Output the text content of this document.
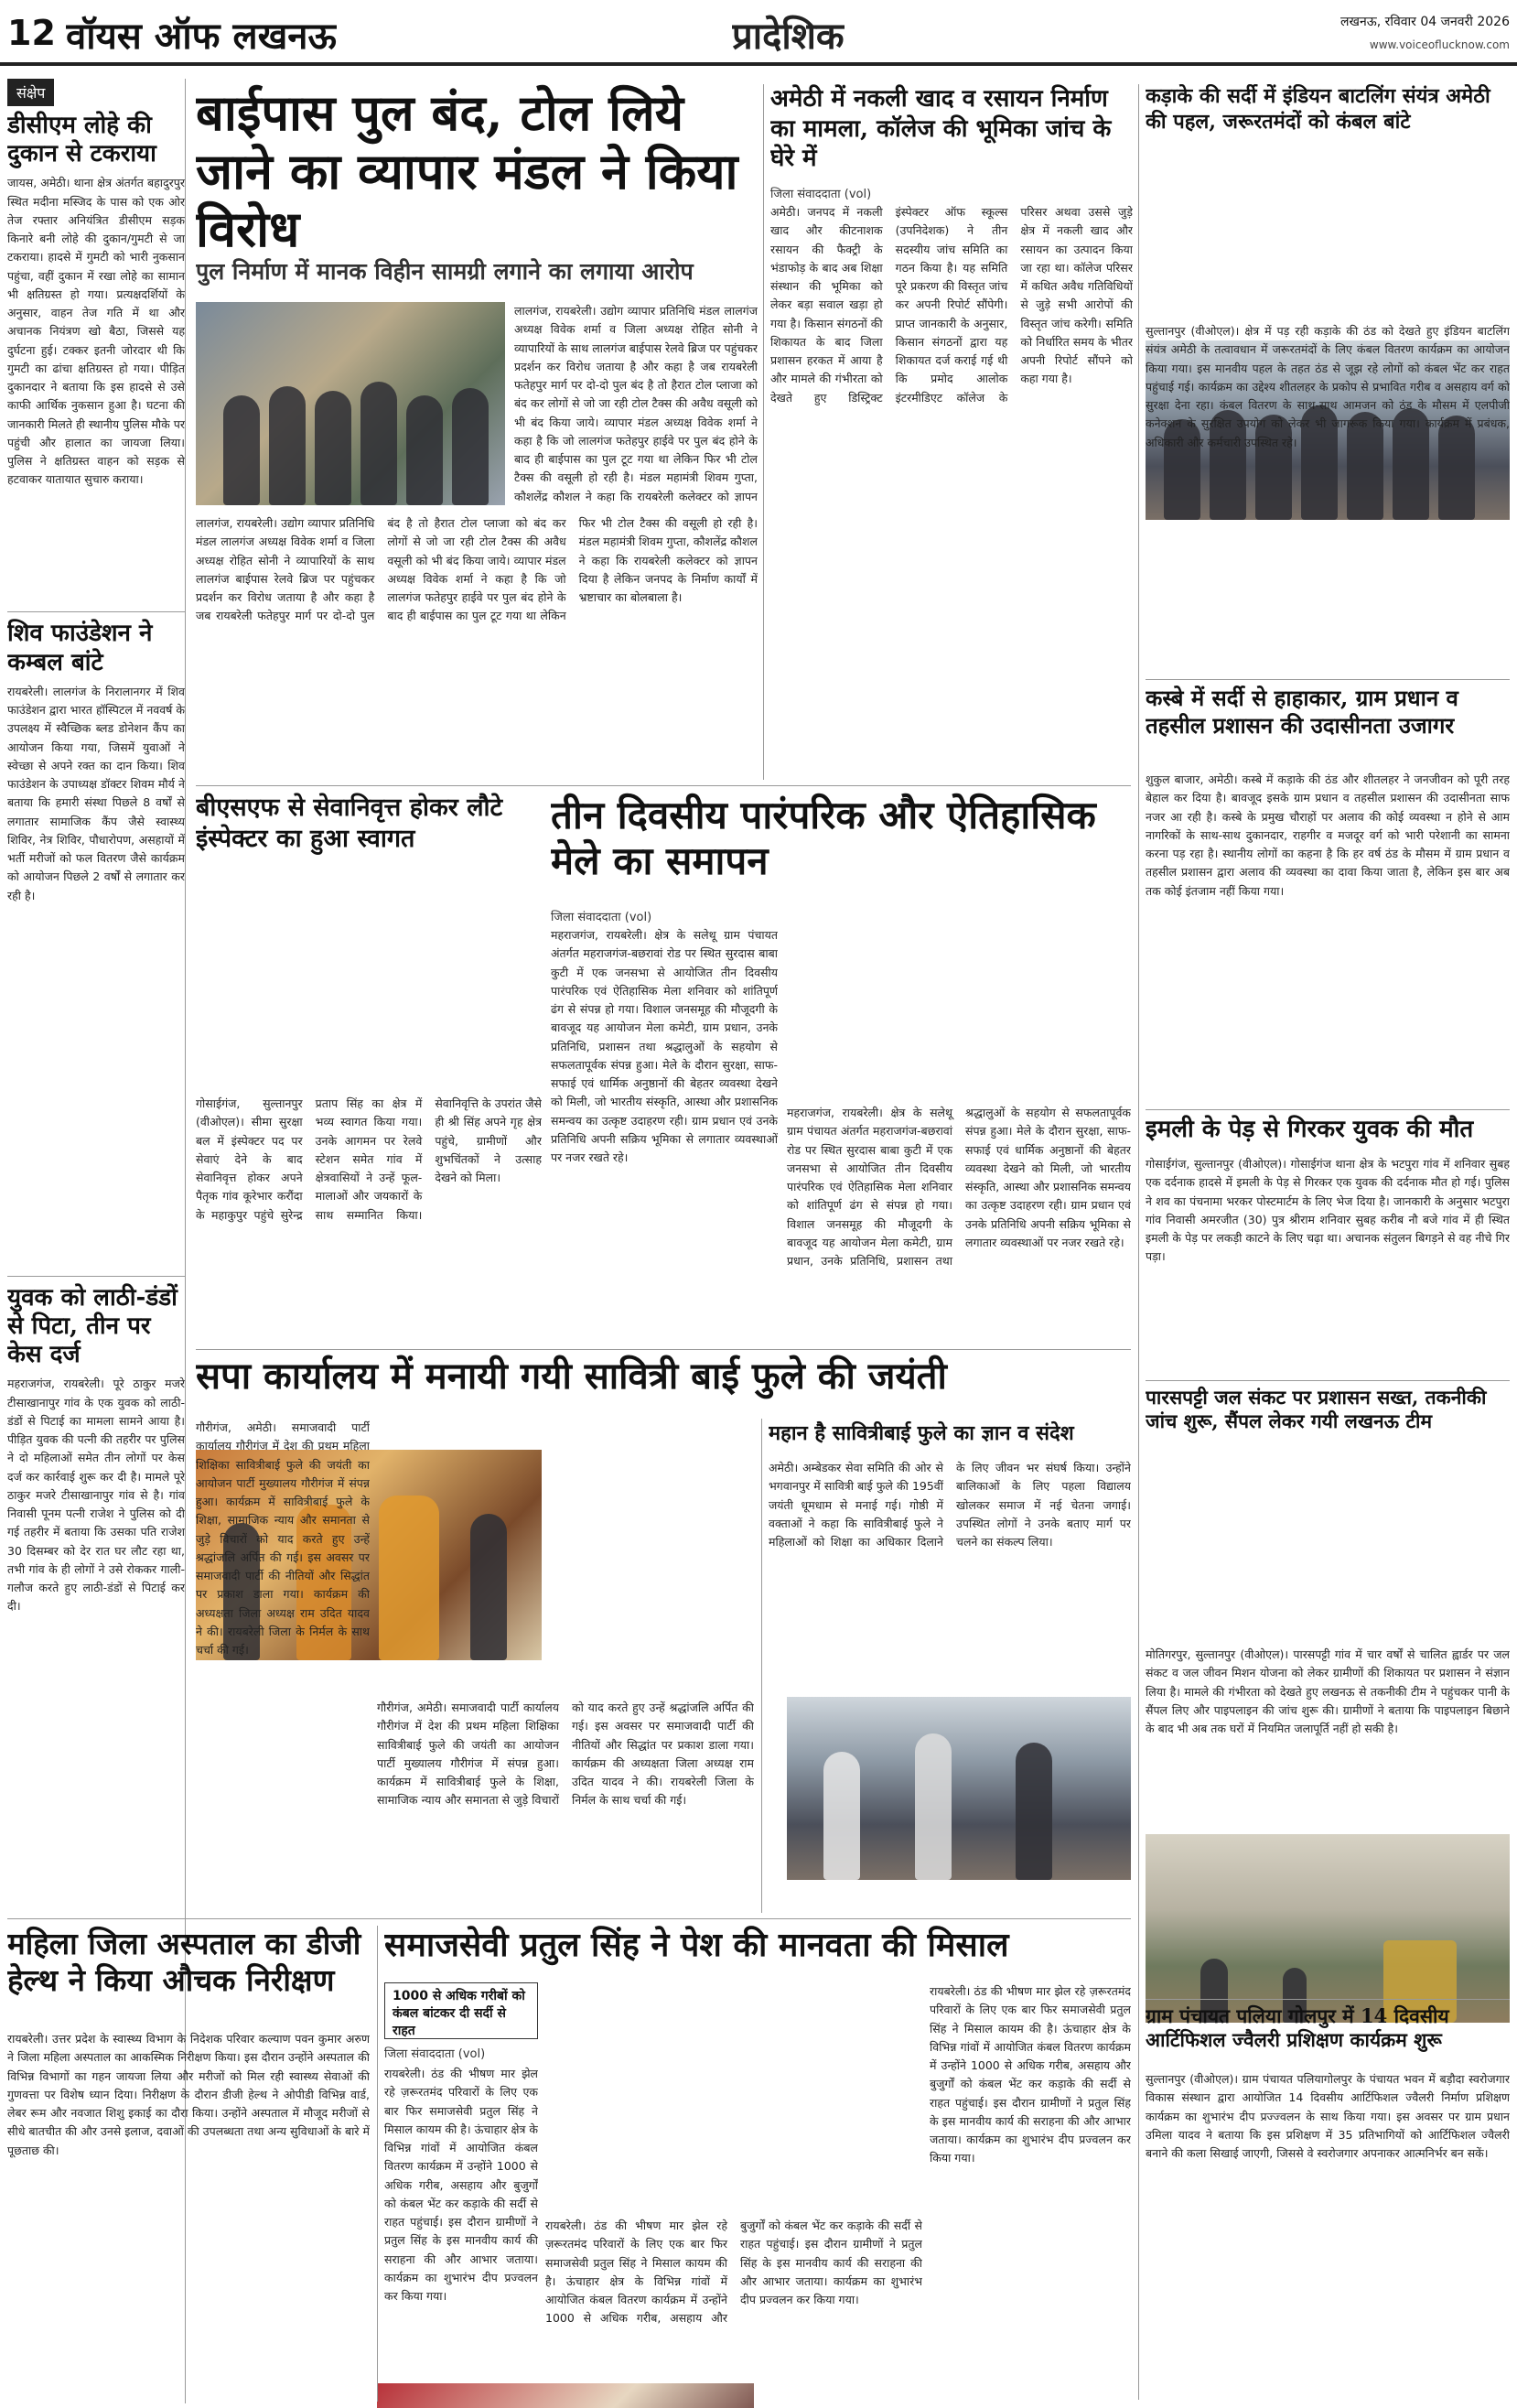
12 वॉयस ऑफ लखनऊ	प्रादेशिक	लखनऊ, रविवार 04 जनवरी 2026
www.voiceoflucknow.com
संक्षेप
डीसीएम लोहे की दुकान से टकराया
जायस, अमेठी। थाना क्षेत्र अंतर्गत बहादुरपुर स्थित मदीना मस्जिद के पास को एक ओर तेज रफ्तार अनियंत्रित डीसीएम सड़क किनारे बनी लोहे की दुकान/गुमटी से जा टकराया। हादसे में गुमटी को भारी नुकसान पहुंचा, वहीं दुकान में रखा लोहे का सामान भी क्षतिग्रस्त हो गया। प्रत्यक्षदर्शियों के अनुसार, वाहन तेज गति में था और अचानक नियंत्रण खो बैठा, जिससे यह दुर्घटना हुई। टक्कर इतनी जोरदार थी कि गुमटी का ढांचा क्षतिग्रस्त हो गया। पीड़ित दुकानदार ने बताया कि इस हादसे से उसे काफी आर्थिक नुकसान हुआ है। घटना की जानकारी मिलते ही स्थानीय पुलिस मौके पर पहुंची और हालात का जायजा लिया। पुलिस ने क्षतिग्रस्त वाहन को सड़क से हटवाकर यातायात सुचारु कराया।
शिव फाउंडेशन ने कम्बल बांटे
रायबरेली। लालगंज के निरालानगर में शिव फाउंडेशन द्वारा भारत हॉस्पिटल में नववर्ष के उपलक्ष्य में स्वैच्छिक ब्लड डोनेशन कैंप का आयोजन किया गया, जिसमें युवाओं ने स्वेच्छा से अपने रक्त का दान किया। शिव फाउंडेशन के उपाध्यक्ष डॉक्टर शिवम मौर्य ने बताया कि हमारी संस्था पिछले 8 वर्षों से लगातार सामाजिक कैंप जैसे स्वास्थ्य शिविर, नेत्र शिविर, पौधारोपण, असहायों में भर्ती मरीजों को फल वितरण जैसे कार्यक्रम को आयोजन पिछले 2 वर्षों से लगातार कर रही है।
युवक को लाठी-डंडों से पिटा, तीन पर केस दर्ज
महराजगंज, रायबरेली। पूरे ठाकुर मजरे टीसाखानापुर गांव के एक युवक को लाठी-डंडों से पिटाई का मामला सामने आया है। पीड़ित युवक की पत्नी की तहरीर पर पुलिस ने दो महिलाओं समेत तीन लोगों पर केस दर्ज कर कार्रवाई शुरू कर दी है। मामले पूरे ठाकुर मजरे टीसाखानापुर गांव से है। गांव निवासी पूनम पत्नी राजेश ने पुलिस को दी गई तहरीर में बताया कि उसका पति राजेश 30 दिसम्बर को देर रात घर लौट रहा था, तभी गांव के ही लोगों ने उसे रोककर गाली-गलौज करते हुए लाठी-डंडों से पिटाई कर दी।
बाईपास पुल बंद, टोल लिये जाने का व्यापार मंडल ने किया विरोध
पुल निर्माण में मानक विहीन सामग्री लगाने का लगाया आरोप
लालगंज, रायबरेली। उद्योग व्यापार प्रतिनिधि मंडल लालगंज अध्यक्ष विवेक शर्मा व जिला अध्यक्ष रोहित सोनी ने व्यापारियों के साथ लालगंज बाईपास रेलवे ब्रिज पर पहुंचकर प्रदर्शन कर विरोध जताया है और कहा है जब रायबरेली फतेहपुर मार्ग पर दो-दो पुल बंद है तो हैरात टोल प्लाजा को बंद कर लोगों से जो जा रही टोल टैक्स की अवैध वसूली को भी बंद किया जाये। व्यापार मंडल अध्यक्ष विवेक शर्मा ने कहा है कि जो लालगंज फतेहपुर हाईवे पर पुल बंद होने के बाद ही बाईपास का पुल टूट गया था लेकिन फिर भी टोल टैक्स की वसूली हो रही है। मंडल महामंत्री शिवम गुप्ता, कौशलेंद्र कौशल ने कहा कि रायबरेली कलेक्टर को ज्ञापन दिया है लेकिन जनपद के निर्माण कार्यों में भ्रष्टाचार का बोलबाला है।
लालगंज, रायबरेली। उद्योग व्यापार प्रतिनिधि मंडल लालगंज अध्यक्ष विवेक शर्मा व जिला अध्यक्ष रोहित सोनी ने व्यापारियों के साथ लालगंज बाईपास रेलवे ब्रिज पर पहुंचकर प्रदर्शन कर विरोध जताया है और कहा है जब रायबरेली फतेहपुर मार्ग पर दो-दो पुल बंद है तो हैरात टोल प्लाजा को बंद कर लोगों से जो जा रही टोल टैक्स की अवैध वसूली को भी बंद किया जाये। व्यापार मंडल अध्यक्ष विवेक शर्मा ने कहा है कि जो लालगंज फतेहपुर हाईवे पर पुल बंद होने के बाद ही बाईपास का पुल टूट गया था लेकिन फिर भी टोल टैक्स की वसूली हो रही है। मंडल महामंत्री शिवम गुप्ता, कौशलेंद्र कौशल ने कहा कि रायबरेली कलेक्टर को ज्ञापन
अमेठी में नकली खाद व रसायन निर्माण का मामला, कॉलेज की भूमिका जांच के घेरे में
जिला संवाददाता (vol)
अमेठी। जनपद में नकली खाद और कीटनाशक रसायन की फैक्ट्री के भंडाफोड़ के बाद अब शिक्षा संस्थान की भूमिका को लेकर बड़ा सवाल खड़ा हो गया है। किसान संगठनों की शिकायत के बाद जिला प्रशासन हरकत में आया है और मामले की गंभीरता को देखते हुए डिस्ट्रिक्ट इंस्पेक्टर ऑफ स्कूल्स (उपनिदेशक) ने तीन सदस्यीय जांच समिति का गठन किया है। यह समिति पूरे प्रकरण की विस्तृत जांच कर अपनी रिपोर्ट सौंपेगी। प्राप्त जानकारी के अनुसार, किसान संगठनों द्वारा यह शिकायत दर्ज कराई गई थी कि प्रमोद आलोक इंटरमीडिएट कॉलेज के परिसर अथवा उससे जुड़े क्षेत्र में नकली खाद और रसायन का उत्पादन किया जा रहा था। कॉलेज परिसर में कथित अवैध गतिविधियों से जुड़े सभी आरोपों की विस्तृत जांच करेगी। समिति को निर्धारित समय के भीतर अपनी रिपोर्ट सौंपने को कहा गया है।
कड़ाके की सर्दी में इंडियन बाटलिंग संयंत्र अमेठी की पहल, जरूरतमंदों को कंबल बांटे
सुल्तानपुर (वीओएल)। क्षेत्र में पड़ रही कड़ाके की ठंड को देखते हुए इंडियन बाटलिंग संयंत्र अमेठी के तत्वावधान में जरूरतमंदों के लिए कंबल वितरण कार्यक्रम का आयोजन किया गया। इस मानवीय पहल के तहत ठंड से जूझ रहे लोगों को कंबल भेंट कर राहत पहुंचाई गई। कार्यक्रम का उद्देश्य शीतलहर के प्रकोप से प्रभावित गरीब व असहाय वर्ग को सुरक्षा देना रहा। कंबल वितरण के साथ-साथ आमजन को ठंड के मौसम में एलपीजी कनेक्शन के सुरक्षित उपयोग को लेकर भी जागरूक किया गया। कार्यक्रम में प्रबंधक, अधिकारी और कर्मचारी उपस्थित रहे।
कस्बे में सर्दी से हाहाकार, ग्राम प्रधान व तहसील प्रशासन की उदासीनता उजागर
शुकुल बाजार, अमेठी। कस्बे में कड़ाके की ठंड और शीतलहर ने जनजीवन को पूरी तरह बेहाल कर दिया है। बावजूद इसके ग्राम प्रधान व तहसील प्रशासन की उदासीनता साफ नजर आ रही है। कस्बे के प्रमुख चौराहों पर अलाव की कोई व्यवस्था न होने से आम नागरिकों के साथ-साथ दुकानदार, राहगीर व मजदूर वर्ग को भारी परेशानी का सामना करना पड़ रहा है। स्थानीय लोगों का कहना है कि हर वर्ष ठंड के मौसम में ग्राम प्रधान व तहसील प्रशासन द्वारा अलाव की व्यवस्था का दावा किया जाता है, लेकिन इस बार अब तक कोई इंतजाम नहीं किया गया।
इमली के पेड़ से गिरकर युवक की मौत
गोसाईगंज, सुल्तानपुर (वीओएल)। गोसाईगंज थाना क्षेत्र के भटपुरा गांव में शनिवार सुबह एक दर्दनाक हादसे में इमली के पेड़ से गिरकर एक युवक की दर्दनाक मौत हो गई। पुलिस ने शव का पंचनामा भरकर पोस्टमार्टम के लिए भेज दिया है। जानकारी के अनुसार भटपुरा गांव निवासी अमरजीत (30) पुत्र श्रीराम शनिवार सुबह करीब नौ बजे गांव में ही स्थित इमली के पेड़ पर लकड़ी काटने के लिए चढ़ा था। अचानक संतुलन बिगड़ने से वह नीचे गिर पड़ा।
पारसपट्टी जल संकट पर प्रशासन सख्त, तकनीकी जांच शुरू, सैंपल लेकर गयी लखनऊ टीम
मोतिगरपुर, सुल्तानपुर (वीओएल)। पारसपट्टी गांव में चार वर्षों से चालित ह्वार्डर पर जल संकट व जल जीवन मिशन योजना को लेकर ग्रामीणों की शिकायत पर प्रशासन ने संज्ञान लिया है। मामले की गंभीरता को देखते हुए लखनऊ से तकनीकी टीम ने पहुंचकर पानी के सैंपल लिए और पाइपलाइन की जांच शुरू की। ग्रामीणों ने बताया कि पाइपलाइन बिछाने के बाद भी अब तक घरों में नियमित जलापूर्ति नहीं हो सकी है।
ग्राम पंचायत पलिया गोलपुर में 14 दिवसीय आर्टिफिशल ज्वैलरी प्रशिक्षण कार्यक्रम शुरू
सुल्तानपुर (वीओएल)। ग्राम पंचायत पलियागोलपुर के पंचायत भवन में बड़ौदा स्वरोजगार विकास संस्थान द्वारा आयोजित 14 दिवसीय आर्टिफिशल ज्वैलरी निर्माण प्रशिक्षण कार्यक्रम का शुभारंभ दीप प्रज्ज्वलन के साथ किया गया। इस अवसर पर ग्राम प्रधान उमिला यादव ने बताया कि इस प्रशिक्षण में 35 प्रतिभागियों को आर्टिफिशल ज्वैलरी बनाने की कला सिखाई जाएगी, जिससे वे स्वरोजगार अपनाकर आत्मनिर्भर बन सकें।
बीएसएफ से सेवानिवृत्त होकर लौटे इंस्पेक्टर का हुआ स्वागत
गोसाईगंज, सुल्तानपुर (वीओएल)। सीमा सुरक्षा बल में इंस्पेक्टर पद पर सेवाएं देने के बाद सेवानिवृत्त होकर अपने पैतृक गांव कूरेभार करौंदा के महाकुपुर पहुंचे सुरेन्द्र प्रताप सिंह का क्षेत्र में भव्य स्वागत किया गया। उनके आगमन पर रेलवे स्टेशन समेत गांव में क्षेत्रवासियों ने उन्हें फूल-मालाओं और जयकारों के साथ सम्मानित किया। सेवानिवृत्ति के उपरांत जैसे ही श्री सिंह अपने गृह क्षेत्र पहुंचे, ग्रामीणों और शुभचिंतकों ने उत्साह देखने को मिला।
तीन दिवसीय पारंपरिक और ऐतिहासिक मेले का समापन
जिला संवाददाता (vol)
महराजगंज, रायबरेली। क्षेत्र के सलेथू ग्राम पंचायत अंतर्गत महराजगंज-बछरावां रोड पर स्थित सुरदास बाबा कुटी में एक जनसभा से आयोजित तीन दिवसीय पारंपरिक एवं ऐतिहासिक मेला शनिवार को शांतिपूर्ण ढंग से संपन्न हो गया। विशाल जनसमूह की मौजूदगी के बावजूद यह आयोजन मेला कमेटी, ग्राम प्रधान, उनके प्रतिनिधि, प्रशासन तथा श्रद्धालुओं के सहयोग से सफलतापूर्वक संपन्न हुआ। मेले के दौरान सुरक्षा, साफ-सफाई एवं धार्मिक अनुष्ठानों की बेहतर व्यवस्था देखने को मिली, जो भारतीय संस्कृति, आस्था और प्रशासनिक समन्वय का उत्कृष्ट उदाहरण रही। ग्राम प्रधान एवं उनके प्रतिनिधि अपनी सक्रिय भूमिका से लगातार व्यवस्थाओं पर नजर रखते रहे।
महराजगंज, रायबरेली। क्षेत्र के सलेथू ग्राम पंचायत अंतर्गत महराजगंज-बछरावां रोड पर स्थित सुरदास बाबा कुटी में एक जनसभा से आयोजित तीन दिवसीय पारंपरिक एवं ऐतिहासिक मेला शनिवार को शांतिपूर्ण ढंग से संपन्न हो गया। विशाल जनसमूह की मौजूदगी के बावजूद यह आयोजन मेला कमेटी, ग्राम प्रधान, उनके प्रतिनिधि, प्रशासन तथा श्रद्धालुओं के सहयोग से सफलतापूर्वक संपन्न हुआ। मेले के दौरान सुरक्षा, साफ-सफाई एवं धार्मिक अनुष्ठानों की बेहतर व्यवस्था देखने को मिली, जो भारतीय संस्कृति, आस्था और प्रशासनिक समन्वय का उत्कृष्ट उदाहरण रही। ग्राम प्रधान एवं उनके प्रतिनिधि अपनी सक्रिय भूमिका से लगातार व्यवस्थाओं पर नजर रखते रहे।
सपा कार्यालय में मनायी गयी सावित्री बाई फुले की जयंती
गौरीगंज, अमेठी। समाजवादी पार्टी कार्यालय गौरीगंज में देश की प्रथम महिला शिक्षिका सावित्रीबाई फुले की जयंती का आयोजन पार्टी मुख्यालय गौरीगंज में संपन्न हुआ। कार्यक्रम में सावित्रीबाई फुले के शिक्षा, सामाजिक न्याय और समानता से जुड़े विचारों को याद करते हुए उन्हें श्रद्धांजलि अर्पित की गई। इस अवसर पर समाजवादी पार्टी की नीतियों और सिद्धांत पर प्रकाश डाला गया। कार्यक्रम की अध्यक्षता जिला अध्यक्ष राम उदित यादव ने की। रायबरेली जिला के निर्मल के साथ चर्चा की गई।
गौरीगंज, अमेठी। समाजवादी पार्टी कार्यालय गौरीगंज में देश की प्रथम महिला शिक्षिका सावित्रीबाई फुले की जयंती का आयोजन पार्टी मुख्यालय गौरीगंज में संपन्न हुआ। कार्यक्रम में सावित्रीबाई फुले के शिक्षा, सामाजिक न्याय और समानता से जुड़े विचारों को याद करते हुए उन्हें श्रद्धांजलि अर्पित की गई। इस अवसर पर समाजवादी पार्टी की नीतियों और सिद्धांत पर प्रकाश डाला गया। कार्यक्रम की अध्यक्षता जिला अध्यक्ष राम उदित यादव ने की। रायबरेली जिला के निर्मल के साथ चर्चा की गई।
महान है सावित्रीबाई फुले का ज्ञान व संदेश
अमेठी। अम्बेडकर सेवा समिति की ओर से भगवानपुर में सावित्री बाई फुले की 195वीं जयंती धूमधाम से मनाई गई। गोष्ठी में वक्ताओं ने कहा कि सावित्रीबाई फुले ने महिलाओं को शिक्षा का अधिकार दिलाने के लिए जीवन भर संघर्ष किया। उन्होंने बालिकाओं के लिए पहला विद्यालय खोलकर समाज में नई चेतना जगाई। उपस्थित लोगों ने उनके बताए मार्ग पर चलने का संकल्प लिया।
महिला जिला अस्पताल का डीजी हेल्थ ने किया औचक निरीक्षण
रायबरेली। उत्तर प्रदेश के स्वास्थ्य विभाग के निदेशक परिवार कल्याण पवन कुमार अरुण ने जिला महिला अस्पताल का आकस्मिक निरीक्षण किया। इस दौरान उन्होंने अस्पताल की विभिन्न विभागों का गहन जायजा लिया और मरीजों को मिल रही स्वास्थ्य सेवाओं की गुणवत्ता पर विशेष ध्यान दिया। निरीक्षण के दौरान डीजी हेल्थ ने ओपीडी विभिन्न वार्ड, लेबर रूम और नवजात शिशु इकाई का दौरा किया। उन्होंने अस्पताल में मौजूद मरीजों से सीधे बातचीत की और उनसे इलाज, दवाओं की उपलब्धता तथा अन्य सुविधाओं के बारे में पूछताछ की।
समाजसेवी प्रतुल सिंह ने पेश की मानवता की मिसाल
1000 से अधिक गरीबों को कंबल बांटकर दी सर्दी से राहत
जिला संवाददाता (vol)
रायबरेली। ठंड की भीषण मार झेल रहे ज़रूरतमंद परिवारों के लिए एक बार फिर समाजसेवी प्रतुल सिंह ने मिसाल कायम की है। ऊंचाहार क्षेत्र के विभिन्न गांवों में आयोजित कंबल वितरण कार्यक्रम में उन्होंने 1000 से अधिक गरीब, असहाय और बुजुर्गों को कंबल भेंट कर कड़ाके की सर्दी से राहत पहुंचाई। इस दौरान ग्रामीणों ने प्रतुल सिंह के इस मानवीय कार्य की सराहना की और आभार जताया। कार्यक्रम का शुभारंभ दीप प्रज्वलन कर किया गया।
रायबरेली। ठंड की भीषण मार झेल रहे ज़रूरतमंद परिवारों के लिए एक बार फिर समाजसेवी प्रतुल सिंह ने मिसाल कायम की है। ऊंचाहार क्षेत्र के विभिन्न गांवों में आयोजित कंबल वितरण कार्यक्रम में उन्होंने 1000 से अधिक गरीब, असहाय और बुजुर्गों को कंबल भेंट कर कड़ाके की सर्दी से राहत पहुंचाई। इस दौरान ग्रामीणों ने प्रतुल सिंह के इस मानवीय कार्य की सराहना की और आभार जताया। कार्यक्रम का शुभारंभ दीप प्रज्वलन कर किया गया।
रायबरेली। ठंड की भीषण मार झेल रहे ज़रूरतमंद परिवारों के लिए एक बार फिर समाजसेवी प्रतुल सिंह ने मिसाल कायम की है। ऊंचाहार क्षेत्र के विभिन्न गांवों में आयोजित कंबल वितरण कार्यक्रम में उन्होंने 1000 से अधिक गरीब, असहाय और बुजुर्गों को कंबल भेंट कर कड़ाके की सर्दी से राहत पहुंचाई। इस दौरान ग्रामीणों ने प्रतुल सिंह के इस मानवीय कार्य की सराहना की और आभार जताया। कार्यक्रम का शुभारंभ दीप प्रज्वलन कर किया गया।
